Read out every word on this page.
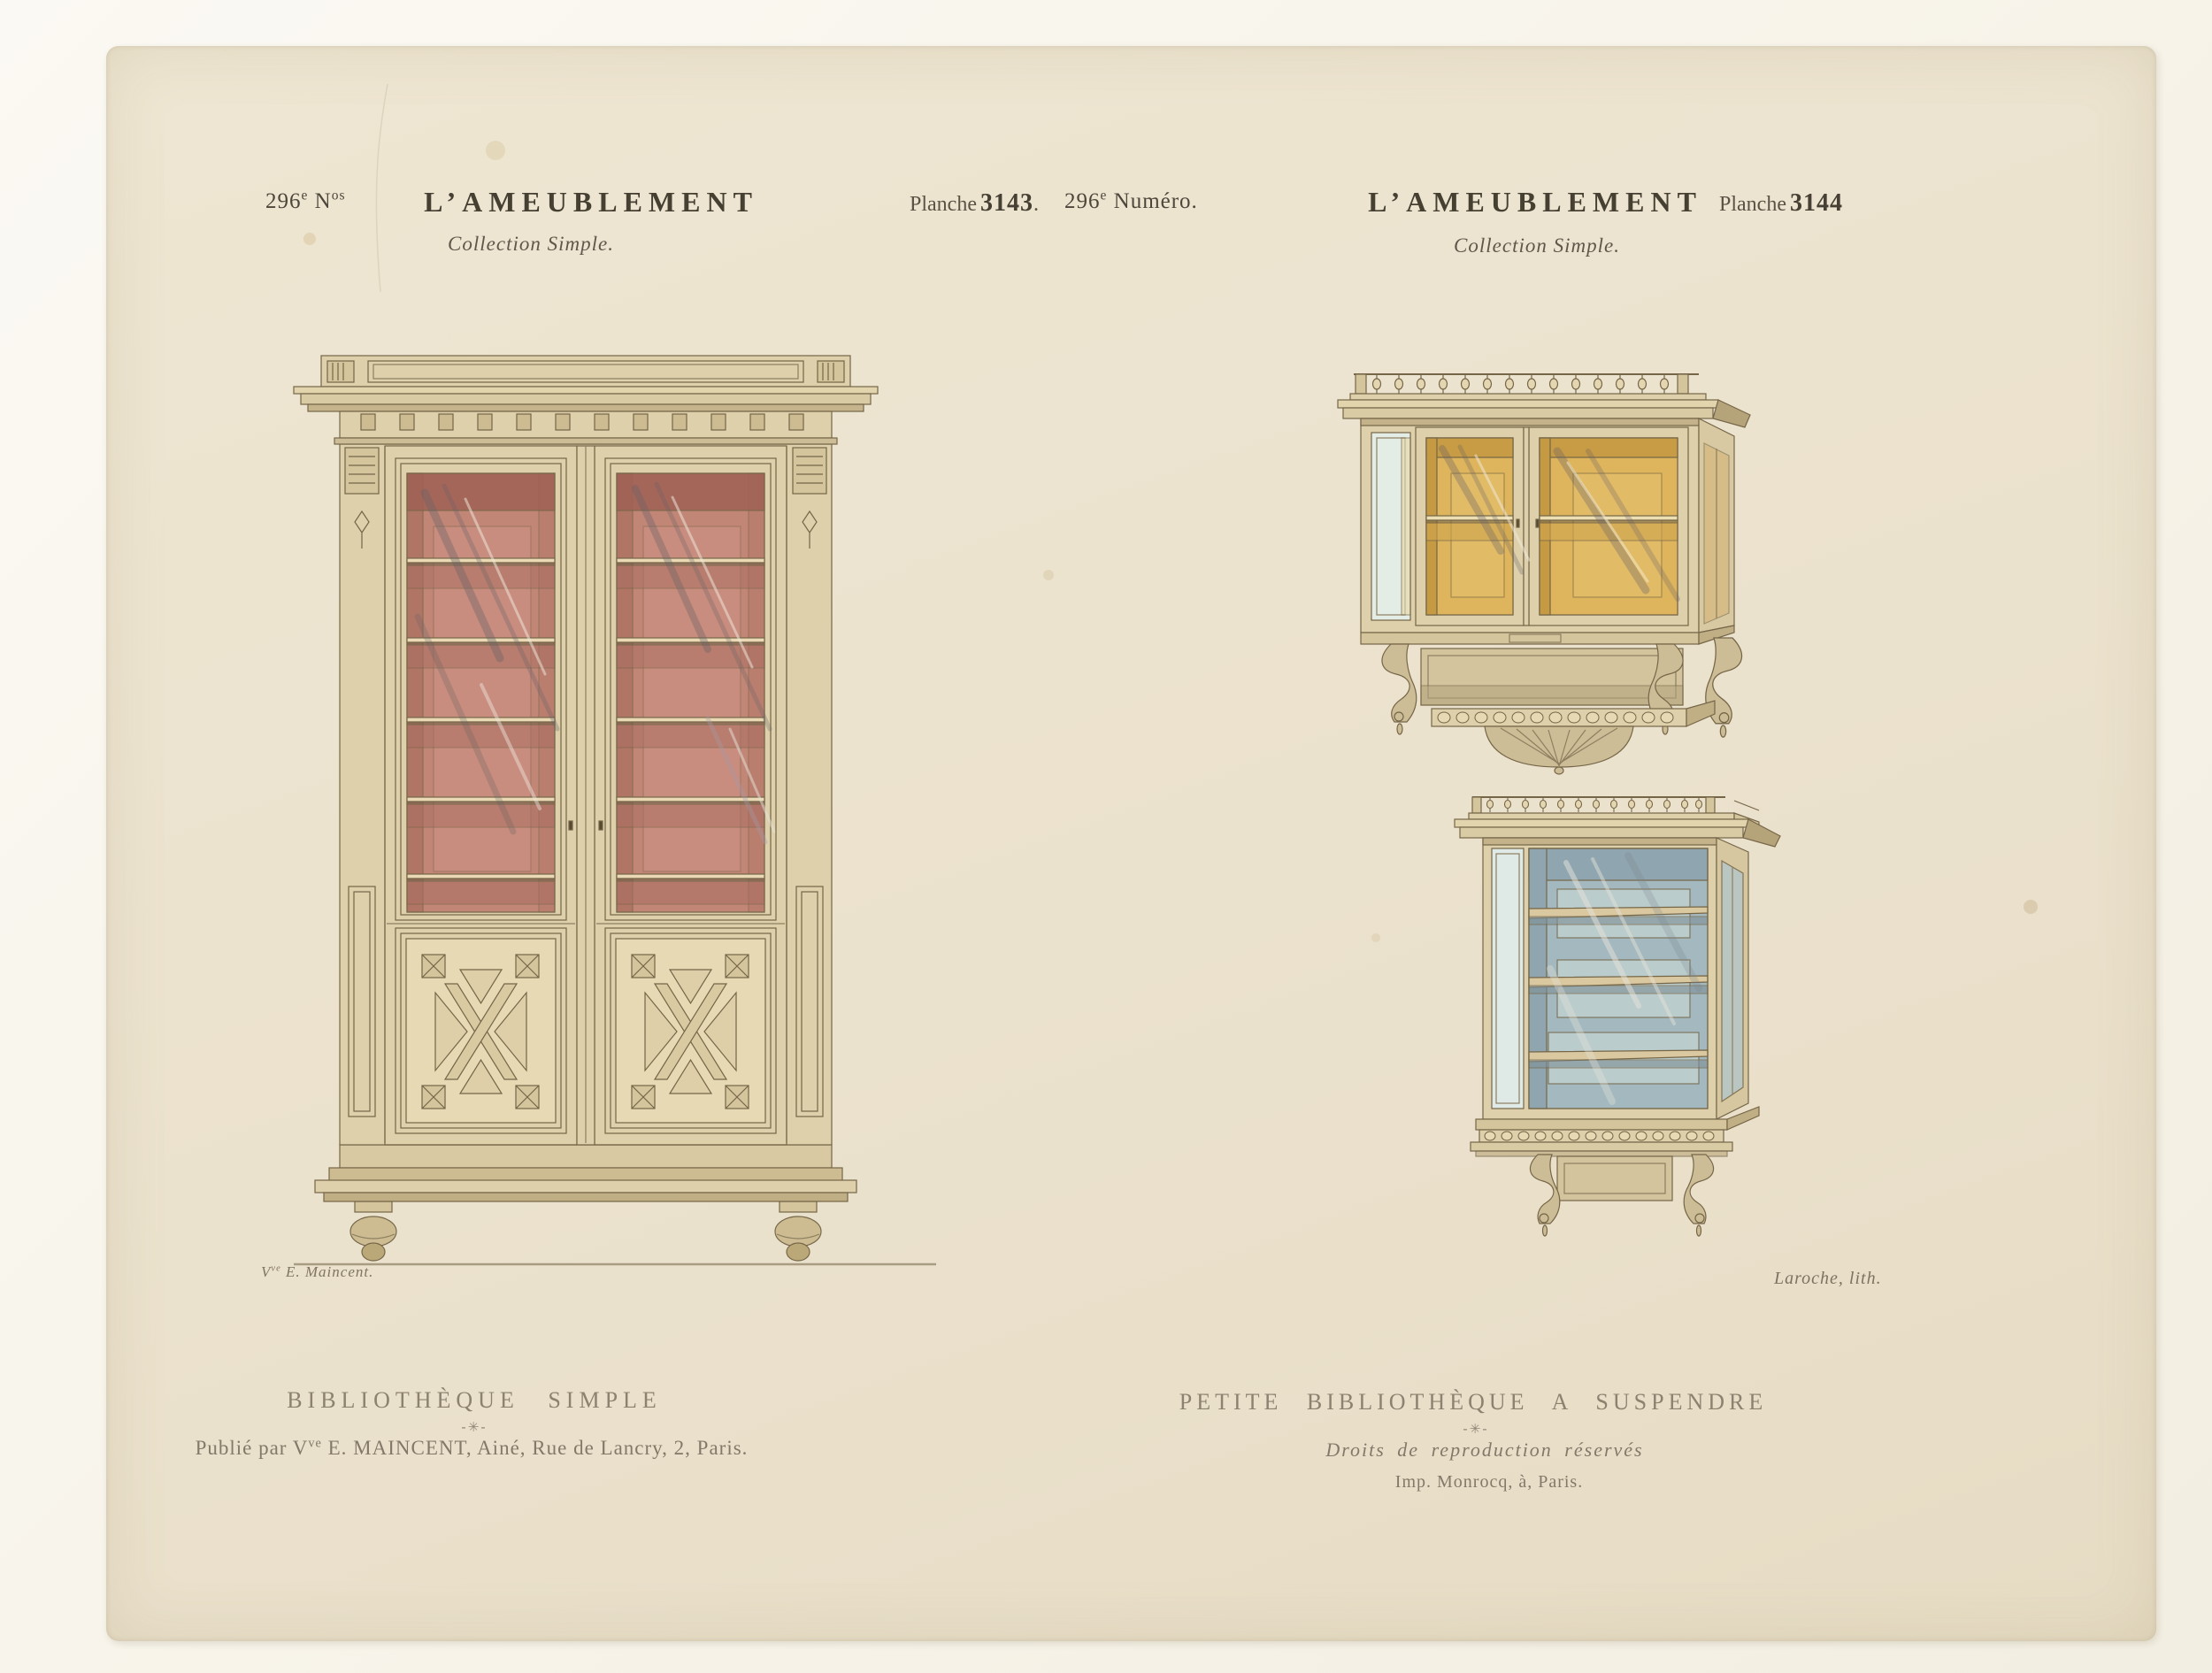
296e $N^{os}$	L’AMEUBLEMENT
Collection Simple.
Planche 3143. 296e Numéro.	L’AMEUBLEMENT
Collection Simple.
Planche 3144
$V^{ve}$ E. Maincent.	Laroche, lith.
BIBLIOTHÈQUE SIMPLE
-✳-
Publié par $V^{ve}$ E. MAINCENT, Ainé, Rue de Lancry, 2, Paris.
PETITE BIBLIOTHÈQUE A SUSPENDRE
-✳-
Droits de reproduction réservés
Imp. Monrocq, à, Paris.
